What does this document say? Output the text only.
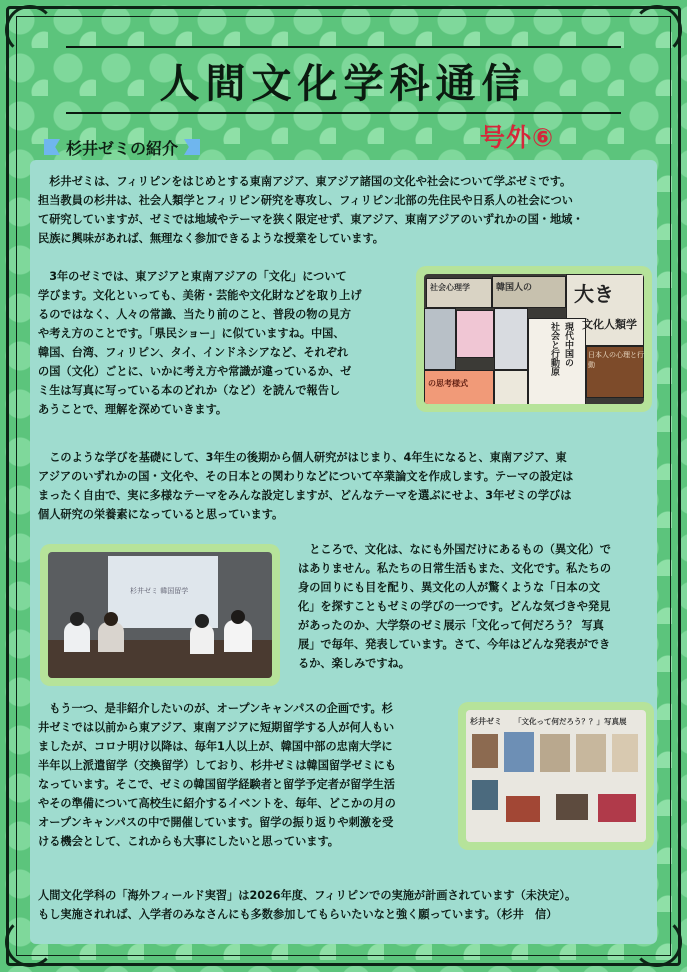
人間文化学科通信
杉井ゼミの紹介	号外⑥
　杉井ゼミは、フィリピンをはじめとする東南アジア、東アジア諸国の文化や社会について学ぶゼミです。
担当教員の杉井は、社会人類学とフィリピン研究を専攻し、フィリピン北部の先住民や日系人の社会につい
て研究していますが、ゼミでは地域やテーマを狭く限定せず、東アジア、東南アジアのいずれかの国・地域・
民族に興味があれば、無理なく参加できるような授業をしています。
　3年のゼミでは、東アジアと東南アジアの「文化」について
学びます。文化といっても、美術・芸能や文化財などを取り上げ
るのではなく、人々の常識、当たり前のこと、普段の物の見方
や考え方のことです。「県民ショー」に似ていますね。中国、
韓国、台湾、フィリピン、タイ、インドネシアなど、それぞれ
の国（文化）ごとに、いかに考え方や常識が違っているか、ゼ
ミ生は写真に写っている本のどれか（など）を読んで報告し
あうことで、理解を深めていきます。
社会心理学	韓国人の 大き
文化人類学
現代中国の
社会と行動原	日本人の心理と行動
の思考様式
　このような学びを基礎にして、3年生の後期から個人研究がはじまり、4年生になると、東南アジア、東
アジアのいずれかの国・文化や、その日本との関わりなどについて卒業論文を作成します。テーマの設定は
まったく自由で、実に多様なテーマをみんな設定しますが、どんなテーマを選ぶにせよ、3年ゼミの学びは
個人研究の栄養素になっていると思っています。
杉井ゼミ 韓国留学
　ところで、文化は、なにも外国だけにあるもの（異文化）で
はありません。私たちの日常生活もまた、文化です。私たちの
身の回りにも目を配り、異文化の人が驚くような「日本の文
化」を探すこともゼミの学びの一つです。どんな気づきや発見
があったのか、大学祭のゼミ展示「文化って何だろう？ 写真
展」で毎年、発表しています。さて、今年はどんな発表ができ
るか、楽しみですね。
　もう一つ、是非紹介したいのが、オープンキャンパスの企画です。杉
井ゼミでは以前から東アジア、東南アジアに短期留学する人が何人もい
ましたが、コロナ明け以降は、毎年1人以上が、韓国中部の忠南大学に
半年以上派遣留学（交換留学）しており、杉井ゼミは韓国留学ゼミにも
なっています。そこで、ゼミの韓国留学経験者と留学予定者が留学生活
やその準備について高校生に紹介するイベントを、毎年、どこかの月の
オープンキャンパスの中で開催しています。留学の振り返りや刺激を受
ける機会として、これからも大事にしたいと思っています。
杉井ゼミ 「文化って何だろう？？」写真展
人間文化学科の「海外フィールド実習」は2026年度、フィリピンでの実施が計画されています（未決定）。
もし実施されれば、入学者のみなさんにも多数参加してもらいたいなと強く願っています。（杉井　信）
